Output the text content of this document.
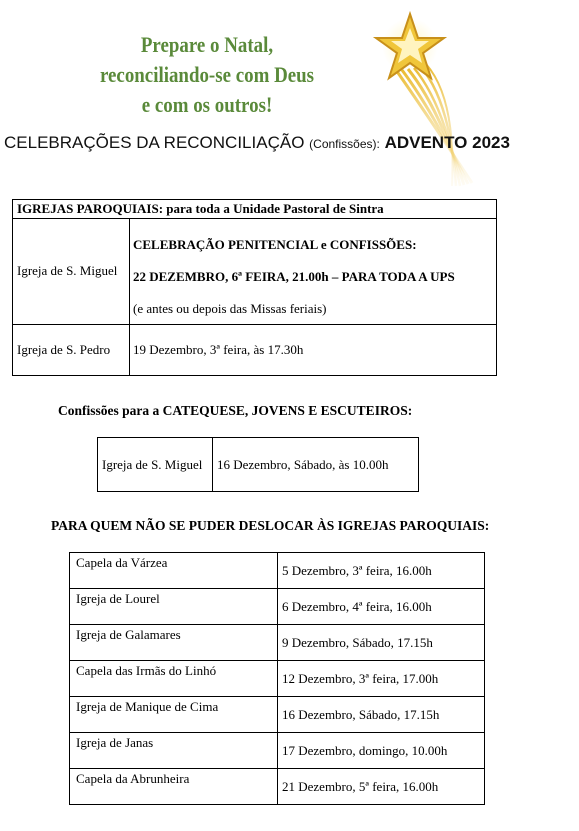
Prepare o Natal,
reconciliando-se com Deus
e com os outros!
CELEBRAÇÕES DA RECONCILIAÇÃO (Confissões): ADVENTO 2023
IGREJAS PAROQUIAIS: para toda a Unidade Pastoral de Sintra	
Igreja de S. Miguel	CELEBRAÇÃO PENITENCIAL e CONFISSÕES:
22 DEZEMBRO, 6ª FEIRA, 21.00h – PARA TODA A UPS
(e antes ou depois das Missas feriais)

Igreja de S. Pedro	19 Dezembro, 3ª feira, às 17.30h
Confissões para a CATEQUESE, JOVENS E ESCUTEIROS:
Igreja de S. Miguel	16 Dezembro, Sábado, às 10.00h
PARA QUEM NÃO SE PUDER DESLOCAR ÀS IGREJAS PAROQUIAIS:
Capela da Várzea	5 Dezembro, 3ª feira, 16.00h
Igreja de Lourel	6 Dezembro, 4ª feira, 16.00h
Igreja de Galamares	9 Dezembro, Sábado, 17.15h
Capela das Irmãs do Linhó	12 Dezembro, 3ª feira, 17.00h
Igreja de Manique de Cima	16 Dezembro, Sábado, 17.15h
Igreja de Janas	17 Dezembro, domingo, 10.00h
Capela da Abrunheira	21 Dezembro, 5ª feira, 16.00h
